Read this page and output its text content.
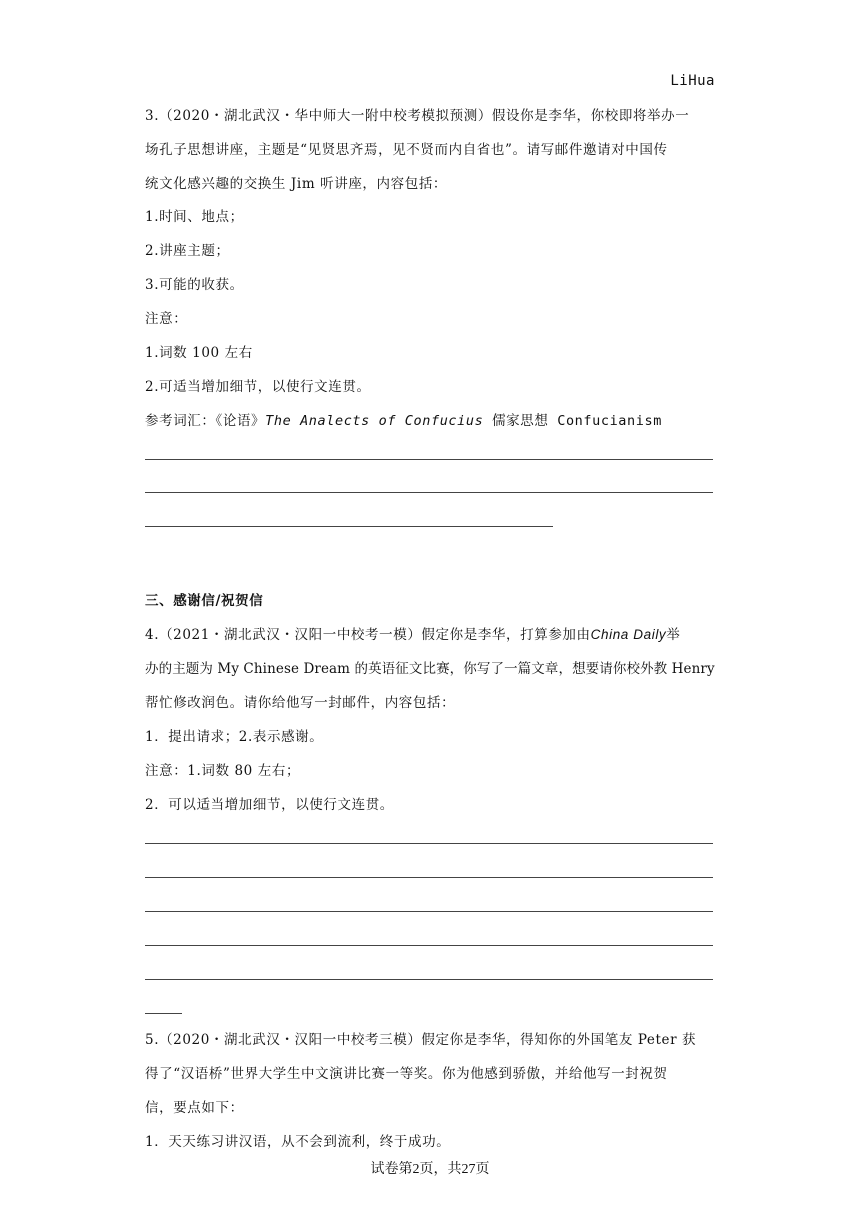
LiHua
3.（2020・湖北武汉・华中师大一附中校考模拟预测）假设你是李华，你校即将举办一
场孔子思想讲座，主题是“见贤思齐焉，见不贤而内自省也”。请写邮件邀请对中国传
统文化感兴趣的交换生 Jim 听讲座，内容包括：
1.时间、地点；
2.讲座主题；
3.可能的收获。
注意：
1.词数 100 左右
2.可适当增加细节，以使行文连贯。
参考词汇：《论语》The Analects of Confucius 儒家思想 Confucianism
三、感谢信/祝贺信
4.（2021・湖北武汉・汉阳一中校考一模）假定你是李华，打算参加由China Daily举
办的主题为 My Chinese Dream 的英语征文比赛，你写了一篇文章，想要请你校外教 Henry
帮忙修改润色。请你给他写一封邮件，内容包括：
1．提出请求；2.表示感谢。
注意：1.词数 80 左右；
2．可以适当增加细节，以使行文连贯。
5.（2020・湖北武汉・汉阳一中校考三模）假定你是李华，得知你的外国笔友 Peter 获
得了“汉语桥”世界大学生中文演讲比赛一等奖。你为他感到骄傲，并给他写一封祝贺
信，要点如下：
1．天天练习讲汉语，从不会到流利，终于成功。
试卷第2页，共27页
